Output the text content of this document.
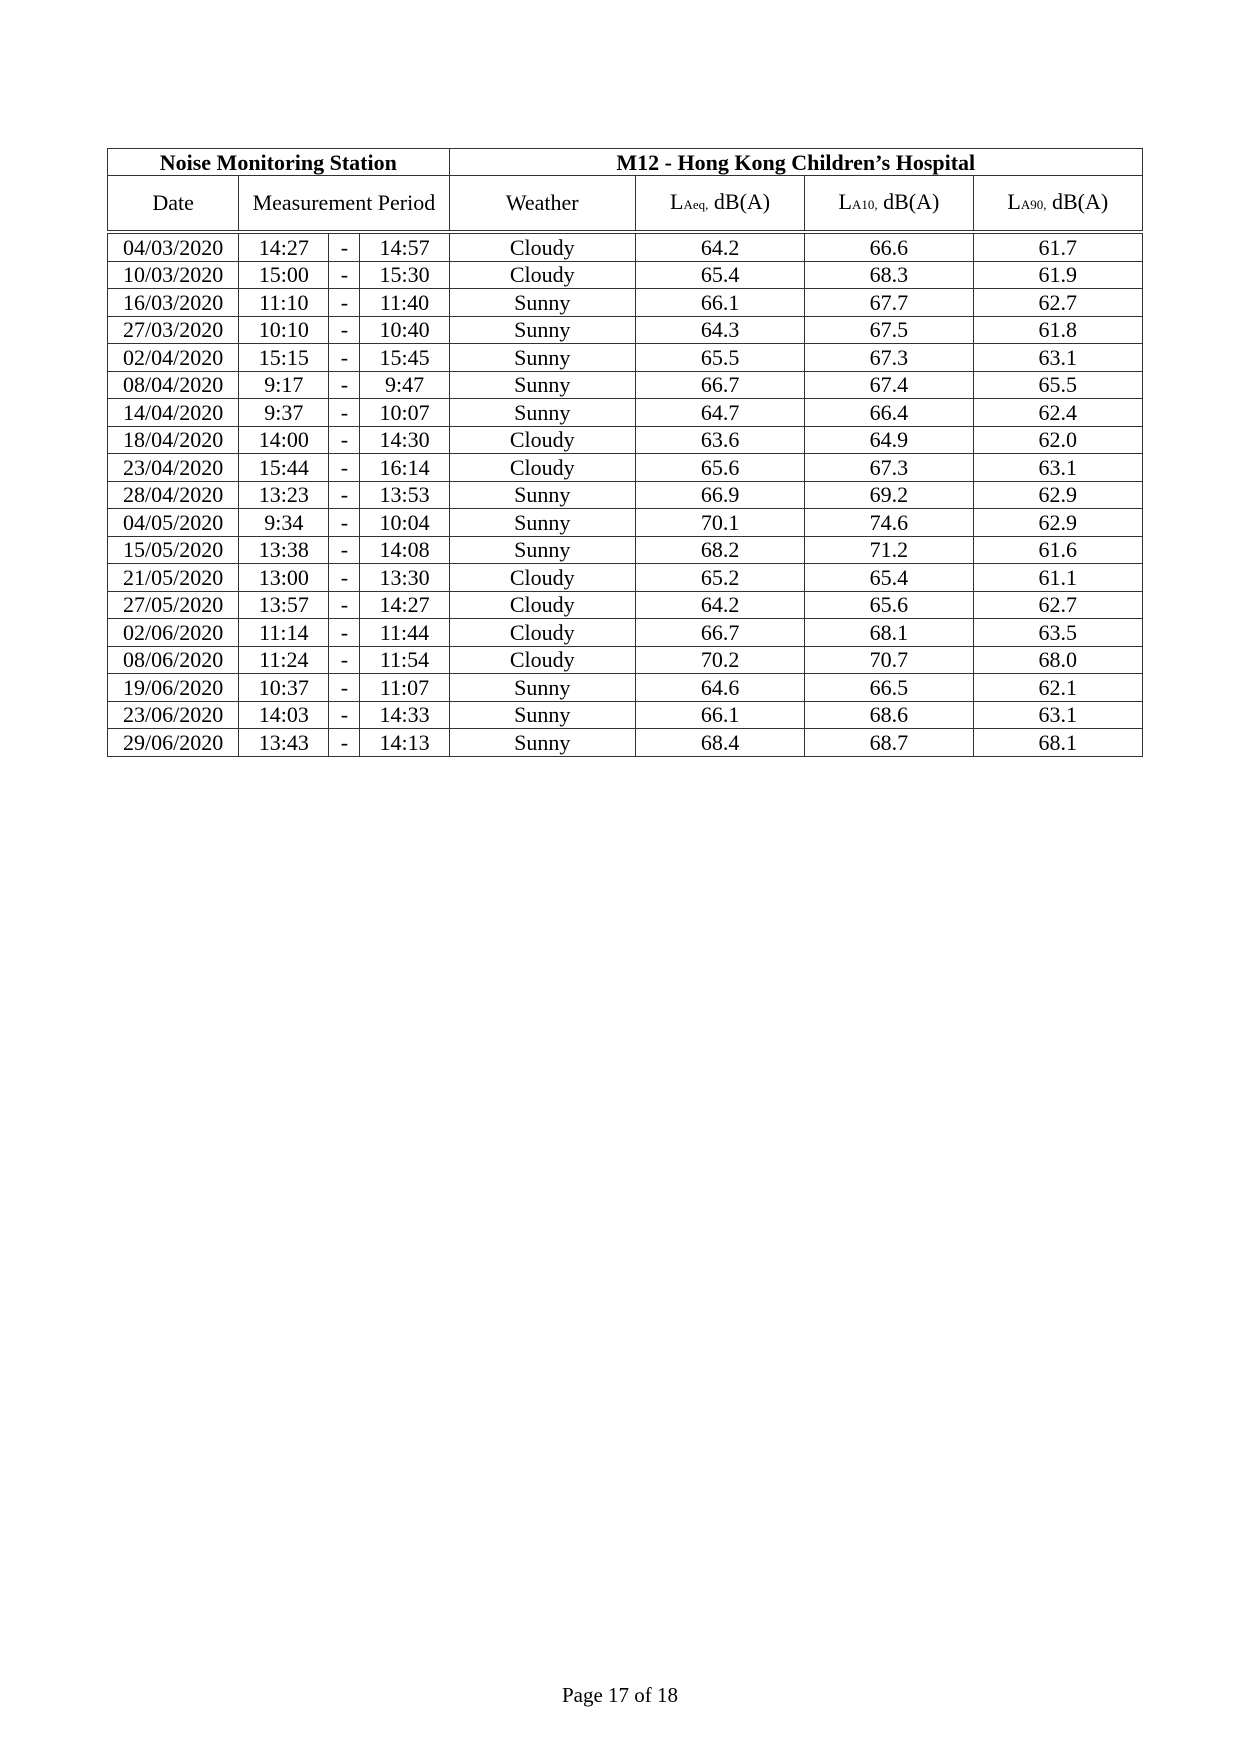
Noise Monitoring Station				M12 - Hong Kong Children’s Hospital			
Date	Measurement Period			Weather	LAeq, dB(A)	LA10, dB(A)	LA90, dB(A)
04/03/2020	14:27	-	14:57	Cloudy	64.2	66.6	61.7
10/03/2020	15:00	-	15:30	Cloudy	65.4	68.3	61.9
16/03/2020	11:10	-	11:40	Sunny	66.1	67.7	62.7
27/03/2020	10:10	-	10:40	Sunny	64.3	67.5	61.8
02/04/2020	15:15	-	15:45	Sunny	65.5	67.3	63.1
08/04/2020	9:17	-	9:47	Sunny	66.7	67.4	65.5
14/04/2020	9:37	-	10:07	Sunny	64.7	66.4	62.4
18/04/2020	14:00	-	14:30	Cloudy	63.6	64.9	62.0
23/04/2020	15:44	-	16:14	Cloudy	65.6	67.3	63.1
28/04/2020	13:23	-	13:53	Sunny	66.9	69.2	62.9
04/05/2020	9:34	-	10:04	Sunny	70.1	74.6	62.9
15/05/2020	13:38	-	14:08	Sunny	68.2	71.2	61.6
21/05/2020	13:00	-	13:30	Cloudy	65.2	65.4	61.1
27/05/2020	13:57	-	14:27	Cloudy	64.2	65.6	62.7
02/06/2020	11:14	-	11:44	Cloudy	66.7	68.1	63.5
08/06/2020	11:24	-	11:54	Cloudy	70.2	70.7	68.0
19/06/2020	10:37	-	11:07	Sunny	64.6	66.5	62.1
23/06/2020	14:03	-	14:33	Sunny	66.1	68.6	63.1
29/06/2020	13:43	-	14:13	Sunny	68.4	68.7	68.1
Page 17 of 18
